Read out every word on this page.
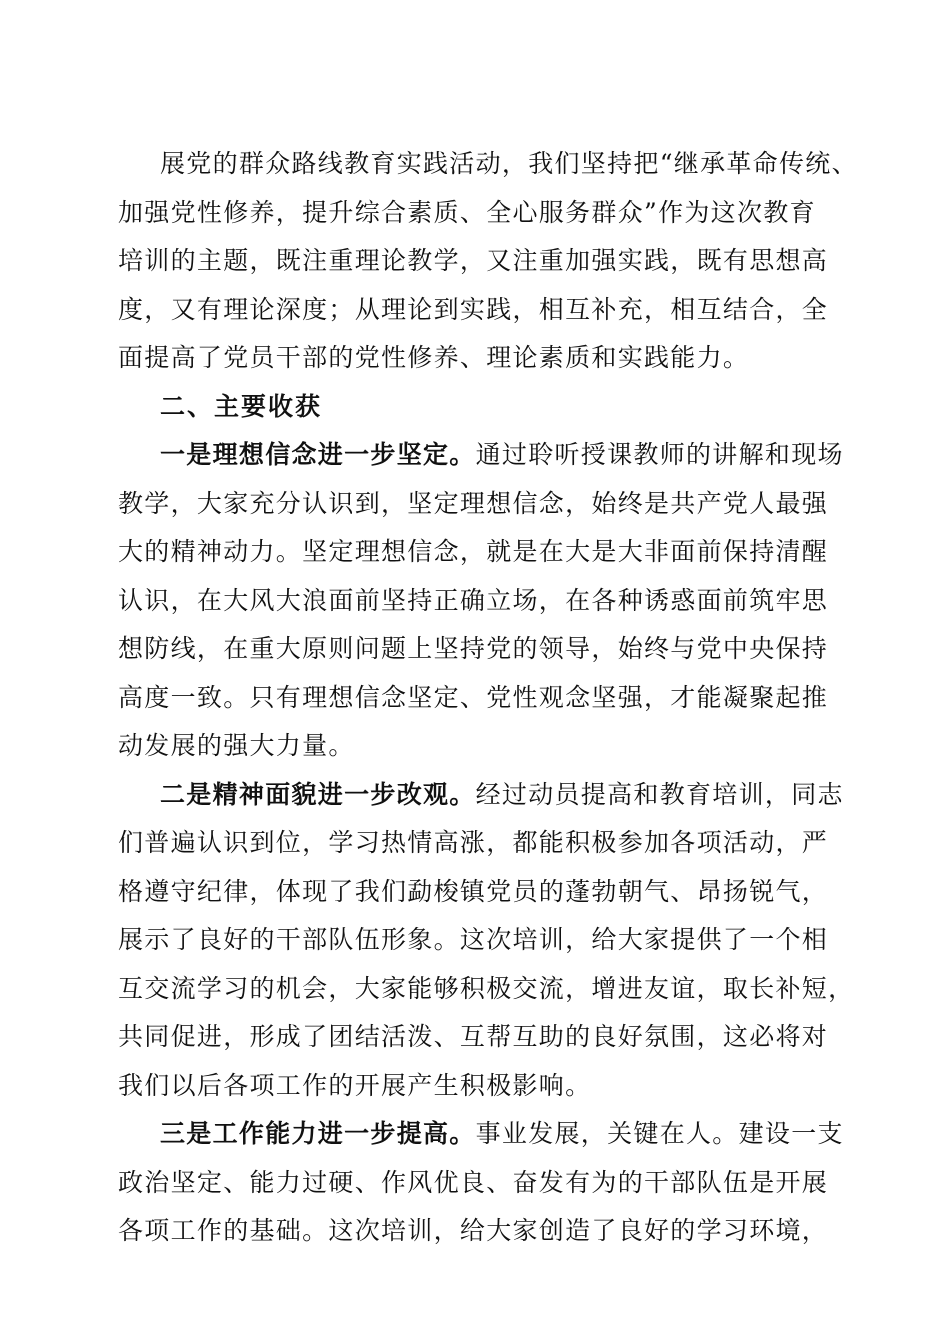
展党的群众路线教育实践活动，我们坚持把“继承革命传统、
加强党性修养，提升综合素质、全心服务群众”作为这次教育
培训的主题，既注重理论教学，又注重加强实践，既有思想高
度，又有理论深度；从理论到实践，相互补充，相互结合，全
面提高了党员干部的党性修养、理论素质和实践能力。
二、主要收获
一是理想信念进一步坚定。通过聆听授课教师的讲解和现场
教学，大家充分认识到，坚定理想信念，始终是共产党人最强
大的精神动力。坚定理想信念，就是在大是大非面前保持清醒
认识，在大风大浪面前坚持正确立场，在各种诱惑面前筑牢思
想防线，在重大原则问题上坚持党的领导，始终与党中央保持
高度一致。只有理想信念坚定、党性观念坚强，才能凝聚起推
动发展的强大力量。
二是精神面貌进一步改观。经过动员提高和教育培训，同志
们普遍认识到位，学习热情高涨，都能积极参加各项活动，严
格遵守纪律，体现了我们勐梭镇党员的蓬勃朝气、昂扬锐气，
展示了良好的干部队伍形象。这次培训，给大家提供了一个相
互交流学习的机会，大家能够积极交流，增进友谊，取长补短，
共同促进，形成了团结活泼、互帮互助的良好氛围，这必将对
我们以后各项工作的开展产生积极影响。
三是工作能力进一步提高。事业发展，关键在人。建设一支
政治坚定、能力过硬、作风优良、奋发有为的干部队伍是开展
各项工作的基础。这次培训，给大家创造了良好的学习环境，
